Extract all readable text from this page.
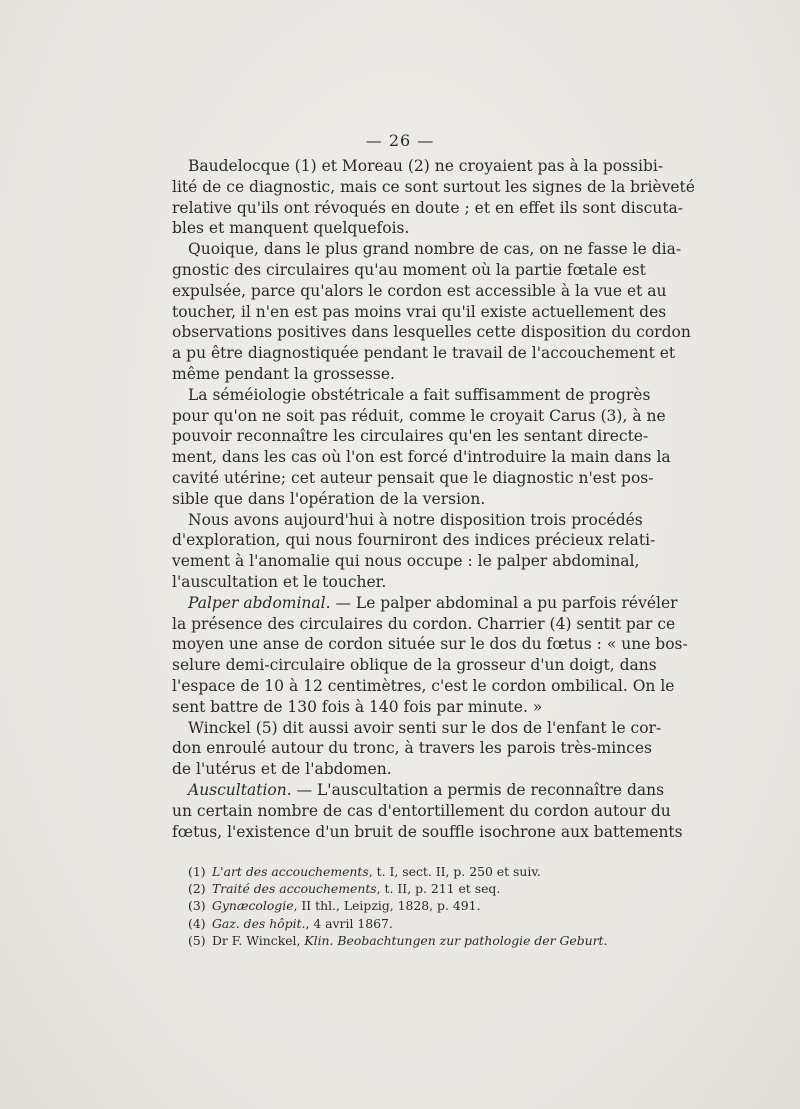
— 26 —

Baudelocque (1) et Moreau (2) ne croyaient pas à la possibi-
lité de ce diagnostic, mais ce sont surtout les signes de la brièveté
relative qu'ils ont révoqués en doute ; et en effet ils sont discuta-
bles et manquent quelquefois.

Quoique, dans le plus grand nombre de cas, on ne fasse le dia-
gnostic des circulaires qu'au moment où la partie fœtale est
expulsée, parce qu'alors le cordon est accessible à la vue et au
toucher, il n'en est pas moins vrai qu'il existe actuellement des
observations positives dans lesquelles cette disposition du cordon
a pu être diagnostiquée pendant le travail de l'accouchement et
même pendant la grossesse.

La séméiologie obstétricale a fait suffisamment de progrès
pour qu'on ne soit pas réduit, comme le croyait Carus (3), à ne
pouvoir reconnaître les circulaires qu'en les sentant directe-
ment, dans les cas où l'on est forcé d'introduire la main dans la
cavité utérine; cet auteur pensait que le diagnostic n'est pos-
sible que dans l'opération de la version.

Nous avons aujourd'hui à notre disposition trois procédés
d'exploration, qui nous fourniront des indices précieux relati-
vement à l'anomalie qui nous occupe : le palper abdominal,
l'auscultation et le toucher.

Palper abdominal. — Le palper abdominal a pu parfois révéler
la présence des circulaires du cordon. Charrier (4) sentit par ce
moyen une anse de cordon située sur le dos du fœtus : « une bos-
selure demi-circulaire oblique de la grosseur d'un doigt, dans
l'espace de 10 à 12 centimètres, c'est le cordon ombilical. On le
sent battre de 130 fois à 140 fois par minute. »

Winckel (5) dit aussi avoir senti sur le dos de l'enfant le cor-
don enroulé autour du tronc, à travers les parois très-minces
de l'utérus et de l'abdomen.

Auscultation. — L'auscultation a permis de reconnaître dans
un certain nombre de cas d'entortillement du cordon autour du
fœtus, l'existence d'un bruit de souffle isochrone aux battements

(1) L'art des accouchements, t. I, sect. II, p. 250 et suiv.
(2) Traité des accouchements, t. II, p. 211 et seq.
(3) Gynæcologie, II thl., Leipzig, 1828, p. 491.
(4) Gaz. des hôpit., 4 avril 1867.
(5) Dr F. Winckel, Klin. Beobachtungen zur pathologie der Geburt.
